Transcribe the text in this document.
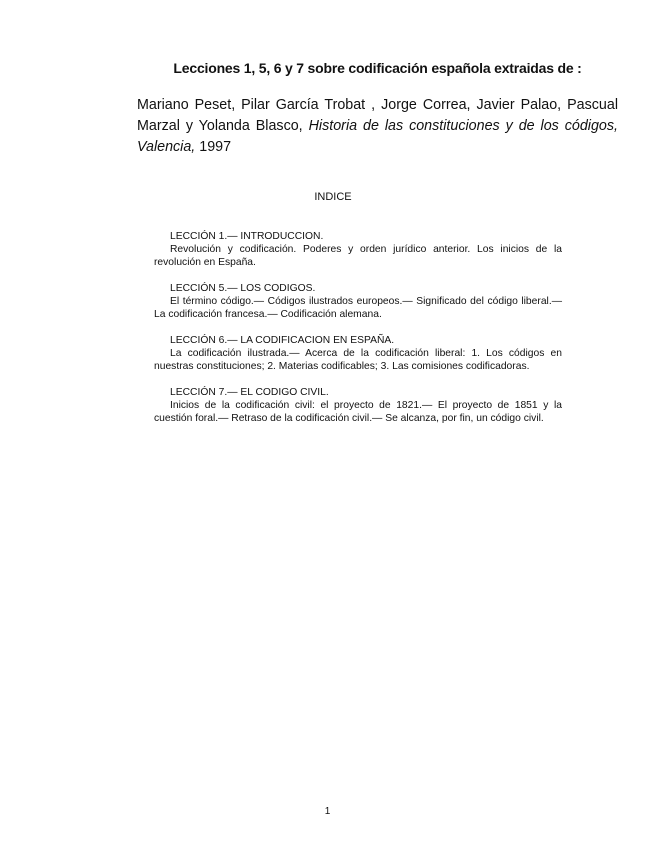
Lecciones 1, 5, 6 y 7 sobre codificación española extraidas de :
Mariano Peset, Pilar García Trobat , Jorge Correa, Javier Palao, Pascual Marzal y Yolanda Blasco, Historia de las constituciones y de los códigos, Valencia, 1997
INDICE
LECCIÓN 1.— INTRODUCCION.
Revolución y codificación. Poderes y orden jurídico anterior. Los inicios de la revolución en España.
LECCIÓN 5.— LOS CODIGOS.
El término código.— Códigos ilustrados europeos.— Significado del código liberal.— La codificación francesa.— Codificación alemana.
LECCIÓN 6.— LA CODIFICACION EN ESPAÑA.
La codificación ilustrada.— Acerca de la codificación liberal: 1. Los códigos en nuestras constituciones; 2. Materias codificables; 3. Las comisiones codificadoras.
LECCIÓN 7.— EL CODIGO CIVIL.
Inicios de la codificación civil: el proyecto de 1821.— El proyecto de 1851 y la cuestión foral.— Retraso de la codificación civil.— Se alcanza, por fin, un código civil.
1
